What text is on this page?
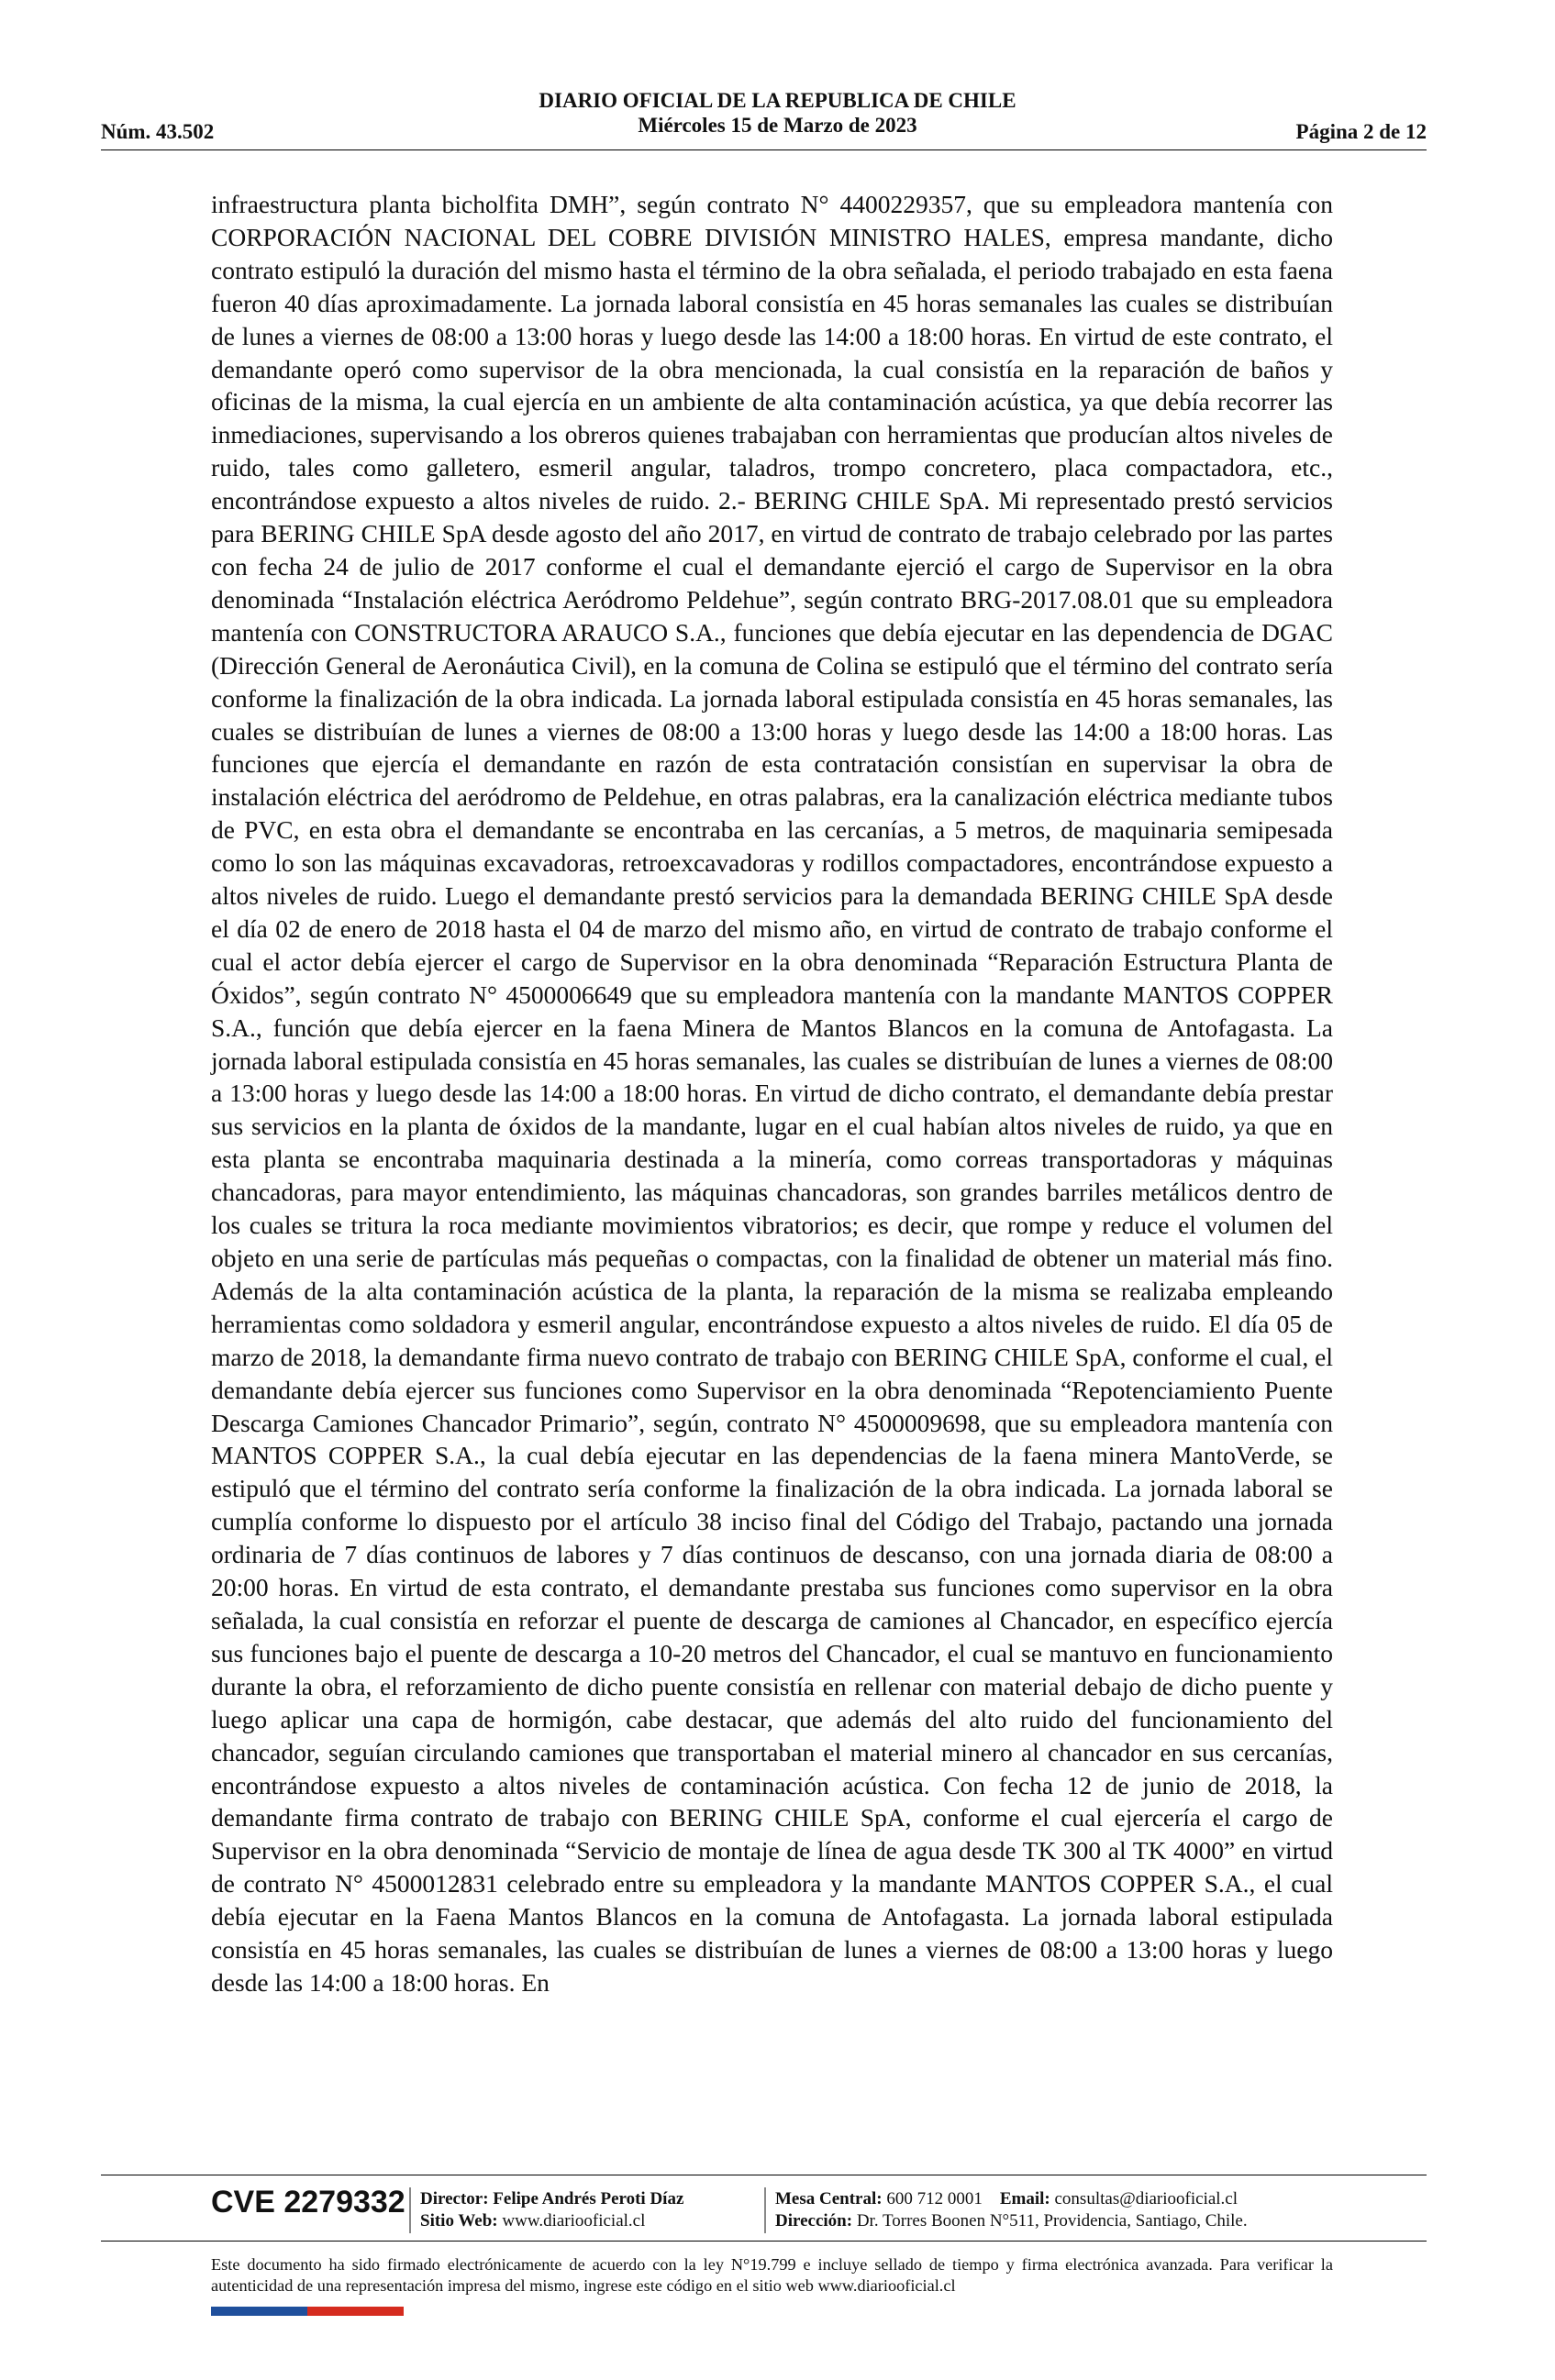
DIARIO OFICIAL DE LA REPUBLICA DE CHILE
Miércoles 15 de Marzo de 2023
Núm. 43.502	Página 2 de 12
infraestructura planta bicholfita DMH”, según contrato N° 4400229357, que su empleadora mantenía con CORPORACIÓN NACIONAL DEL COBRE DIVISIÓN MINISTRO HALES, empresa mandante, dicho contrato estipuló la duración del mismo hasta el término de la obra señalada, el periodo trabajado en esta faena fueron 40 días aproximadamente. La jornada laboral consistía en 45 horas semanales las cuales se distribuían de lunes a viernes de 08:00 a 13:00 horas y luego desde las 14:00 a 18:00 horas. En virtud de este contrato, el demandante operó como supervisor de la obra mencionada, la cual consistía en la reparación de baños y oficinas de la misma, la cual ejercía en un ambiente de alta contaminación acústica, ya que debía recorrer las inmediaciones, supervisando a los obreros quienes trabajaban con herramientas que producían altos niveles de ruido, tales como galletero, esmeril angular, taladros, trompo concretero, placa compactadora, etc., encontrándose expuesto a altos niveles de ruido. 2.- BERING CHILE SpA. Mi representado prestó servicios para BERING CHILE SpA desde agosto del año 2017, en virtud de contrato de trabajo celebrado por las partes con fecha 24 de julio de 2017 conforme el cual el demandante ejerció el cargo de Supervisor en la obra denominada “Instalación eléctrica Aeródromo Peldehue”, según contrato BRG-2017.08.01 que su empleadora mantenía con CONSTRUCTORA ARAUCO S.A., funciones que debía ejecutar en las dependencia de DGAC (Dirección General de Aeronáutica Civil), en la comuna de Colina se estipuló que el término del contrato sería conforme la finalización de la obra indicada. La jornada laboral estipulada consistía en 45 horas semanales, las cuales se distribuían de lunes a viernes de 08:00 a 13:00 horas y luego desde las 14:00 a 18:00 horas. Las funciones que ejercía el demandante en razón de esta contratación consistían en supervisar la obra de instalación eléctrica del aeródromo de Peldehue, en otras palabras, era la canalización eléctrica mediante tubos de PVC, en esta obra el demandante se encontraba en las cercanías, a 5 metros, de maquinaria semipesada como lo son las máquinas excavadoras, retroexcavadoras y rodillos compactadores, encontrándose expuesto a altos niveles de ruido. Luego el demandante prestó servicios para la demandada BERING CHILE SpA desde el día 02 de enero de 2018 hasta el 04 de marzo del mismo año, en virtud de contrato de trabajo conforme el cual el actor debía ejercer el cargo de Supervisor en la obra denominada “Reparación Estructura Planta de Óxidos”, según contrato N° 4500006649 que su empleadora mantenía con la mandante MANTOS COPPER S.A., función que debía ejercer en la faena Minera de Mantos Blancos en la comuna de Antofagasta. La jornada laboral estipulada consistía en 45 horas semanales, las cuales se distribuían de lunes a viernes de 08:00 a 13:00 horas y luego desde las 14:00 a 18:00 horas. En virtud de dicho contrato, el demandante debía prestar sus servicios en la planta de óxidos de la mandante, lugar en el cual habían altos niveles de ruido, ya que en esta planta se encontraba maquinaria destinada a la minería, como correas transportadoras y máquinas chancadoras, para mayor entendimiento, las máquinas chancadoras, son grandes barriles metálicos dentro de los cuales se tritura la roca mediante movimientos vibratorios; es decir, que rompe y reduce el volumen del objeto en una serie de partículas más pequeñas o compactas, con la finalidad de obtener un material más fino. Además de la alta contaminación acústica de la planta, la reparación de la misma se realizaba empleando herramientas como soldadora y esmeril angular, encontrándose expuesto a altos niveles de ruido. El día 05 de marzo de 2018, la demandante firma nuevo contrato de trabajo con BERING CHILE SpA, conforme el cual, el demandante debía ejercer sus funciones como Supervisor en la obra denominada “Repotenciamiento Puente Descarga Camiones Chancador Primario”, según, contrato N° 4500009698, que su empleadora mantenía con MANTOS COPPER S.A., la cual debía ejecutar en las dependencias de la faena minera MantoVerde, se estipuló que el término del contrato sería conforme la finalización de la obra indicada. La jornada laboral se cumplía conforme lo dispuesto por el artículo 38 inciso final del Código del Trabajo, pactando una jornada ordinaria de 7 días continuos de labores y 7 días continuos de descanso, con una jornada diaria de 08:00 a 20:00 horas. En virtud de esta contrato, el demandante prestaba sus funciones como supervisor en la obra señalada, la cual consistía en reforzar el puente de descarga de camiones al Chancador, en específico ejercía sus funciones bajo el puente de descarga a 10-20 metros del Chancador, el cual se mantuvo en funcionamiento durante la obra, el reforzamiento de dicho puente consistía en rellenar con material debajo de dicho puente y luego aplicar una capa de hormigón, cabe destacar, que además del alto ruido del funcionamiento del chancador, seguían circulando camiones que transportaban el material minero al chancador en sus cercanías, encontrándose expuesto a altos niveles de contaminación acústica. Con fecha 12 de junio de 2018, la demandante firma contrato de trabajo con BERING CHILE SpA, conforme el cual ejercería el cargo de Supervisor en la obra denominada “Servicio de montaje de línea de agua desde TK 300 al TK 4000” en virtud de contrato N° 4500012831 celebrado entre su empleadora y la mandante MANTOS COPPER S.A., el cual debía ejecutar en la Faena Mantos Blancos en la comuna de Antofagasta. La jornada laboral estipulada consistía en 45 horas semanales, las cuales se distribuían de lunes a viernes de 08:00 a 13:00 horas y luego desde las 14:00 a 18:00 horas. En
CVE 2279332 Director: Felipe Andrés Peroti Díaz
Sitio Web: www.diariooficial.cl
Mesa Central: 600 712 0001 Email: consultas@diariooficial.cl
Dirección: Dr. Torres Boonen N°511, Providencia, Santiago, Chile.
Este documento ha sido firmado electrónicamente de acuerdo con la ley N°19.799 e incluye sellado de tiempo y firma electrónica avanzada. Para verificar la autenticidad de una representación impresa del mismo, ingrese este código en el sitio web www.diariooficial.cl
